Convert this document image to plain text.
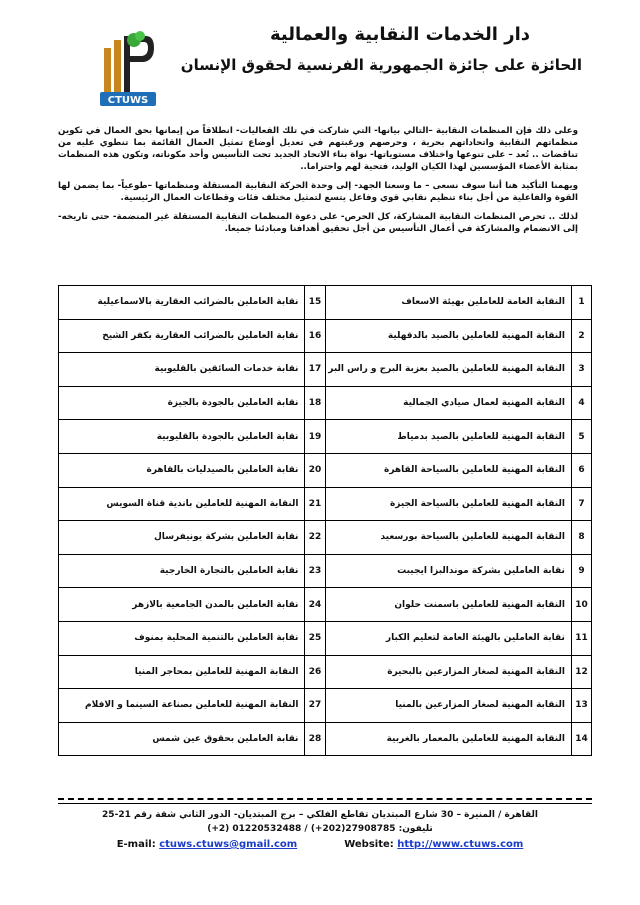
CTUWS
دار الخدمات النقابية والعمالية
الحائزة على جائزة الجمهورية الفرنسية لحقوق الإنسان

وعلى ذلك فإن المنظمات النقابية –التالي بيانها- التي شاركت في تلك الفعاليات- انطلاقاً من إيمانها بحق العمال في تكوين منظماتهم النقابية واتحاداتهم بحرية ، وحرصهم ورغبتهم في تعديل أوضاع تمثيل العمال القائمة بما تنطوي عليه من تناقضات .. تُعد – على تنوعها واختلاف مستوياتها- نواة بناء الاتحاد الجديد تحت التأسيس وأحد مكوناته، وتكون هذه المنظمات بمثابة الأعضاء المؤسسين لهذا الكيان الوليد، فتحية لهم واحتراما..

ويهمنا التأكيد هنا أننا سوف نسعى – ما وسعنا الجهد- إلى وحدة الحركة النقابية المستقلة ومنظماتها –طوعياً- بما يضمن لها القوة والفاعلية من أجل بناء تنظيم نقابي قوي وفاعل يتسع لتمثيل مختلف فئات وقطاعات العمال الرئيسية.

لذلك .. تحرص المنظمات النقابية المشاركة، كل الحرص- على دعوة المنظمات النقابية المستقلة غير المنضمة- حتى تاريخه- إلى الانضمام والمشاركة في أعمال التأسيس من أجل تحقيق أهدافنا ومبادئنا جميعا.

1	النقابة العامة للعاملين بهيئة الاسعاف	15	نقابة العاملين بالضرائب العقارية بالاسماعيلية
2	النقابة المهنية للعاملين بالصيد بالدقهلية	16	نقابة العاملين بالضرائب العقارية بكفر الشيخ
3	النقابة المهنية للعاملين بالصيد بعزبة البرج و راس البر	17	نقابة خدمات السائقين بالقليوبية
4	النقابة المهنية لعمال صيادي الجمالية	18	نقابة العاملين بالجودة بالجيزة
5	النقابة المهنية للعاملين بالصيد بدمياط	19	نقابة العاملين بالجودة بالقليوبية
6	النقابة المهنية للعاملين بالسياحة القاهرة	20	نقابة العاملين بالصيدليات بالقاهرة
7	النقابة المهنية للعاملين بالسياحة الجيزة	21	النقابة المهنية للعاملين باندية قناة السويس
8	النقابة المهنية للعاملين بالسياحة بورسعيد	22	نقابة العاملين بشركة يونيفرسال
9	نقابة العاملين بشركة موندالبزا ايجيبت	23	نقابة العاملين بالتجارة الخارجية
10	النقابة المهنية للعاملين باسمنت حلوان	24	نقابة العاملين بالمدن الجامعية بالازهر
11	نقابة العاملين بالهيئة العامة لتعليم الكبار	25	نقابة العاملين بالتنمية المحلية بمنوف
12	النقابة المهنية لصغار المزارعين بالبحيرة	26	النقابة المهنية للعاملين بمحاجر المنيا
13	النقابة المهنية لصغار المزارعين بالمنيا	27	النقابة المهنية للعاملين بصناعة السينما و الافلام
14	النقابة المهنية للعاملين بالمعمار بالغربية	28	نقابة العاملين بحقوق عين شمس
القاهرة / المنيرة – 30 شارع المبتديان تقاطع الفلكي – برج المبتديان- الدور الثاني شقة رقم 21-25
تليفون: 27908785(202+) / 01220532488 (2+)
E-mail: ctuws.ctuws@gmail.com	Website: http://www.ctuws.com
